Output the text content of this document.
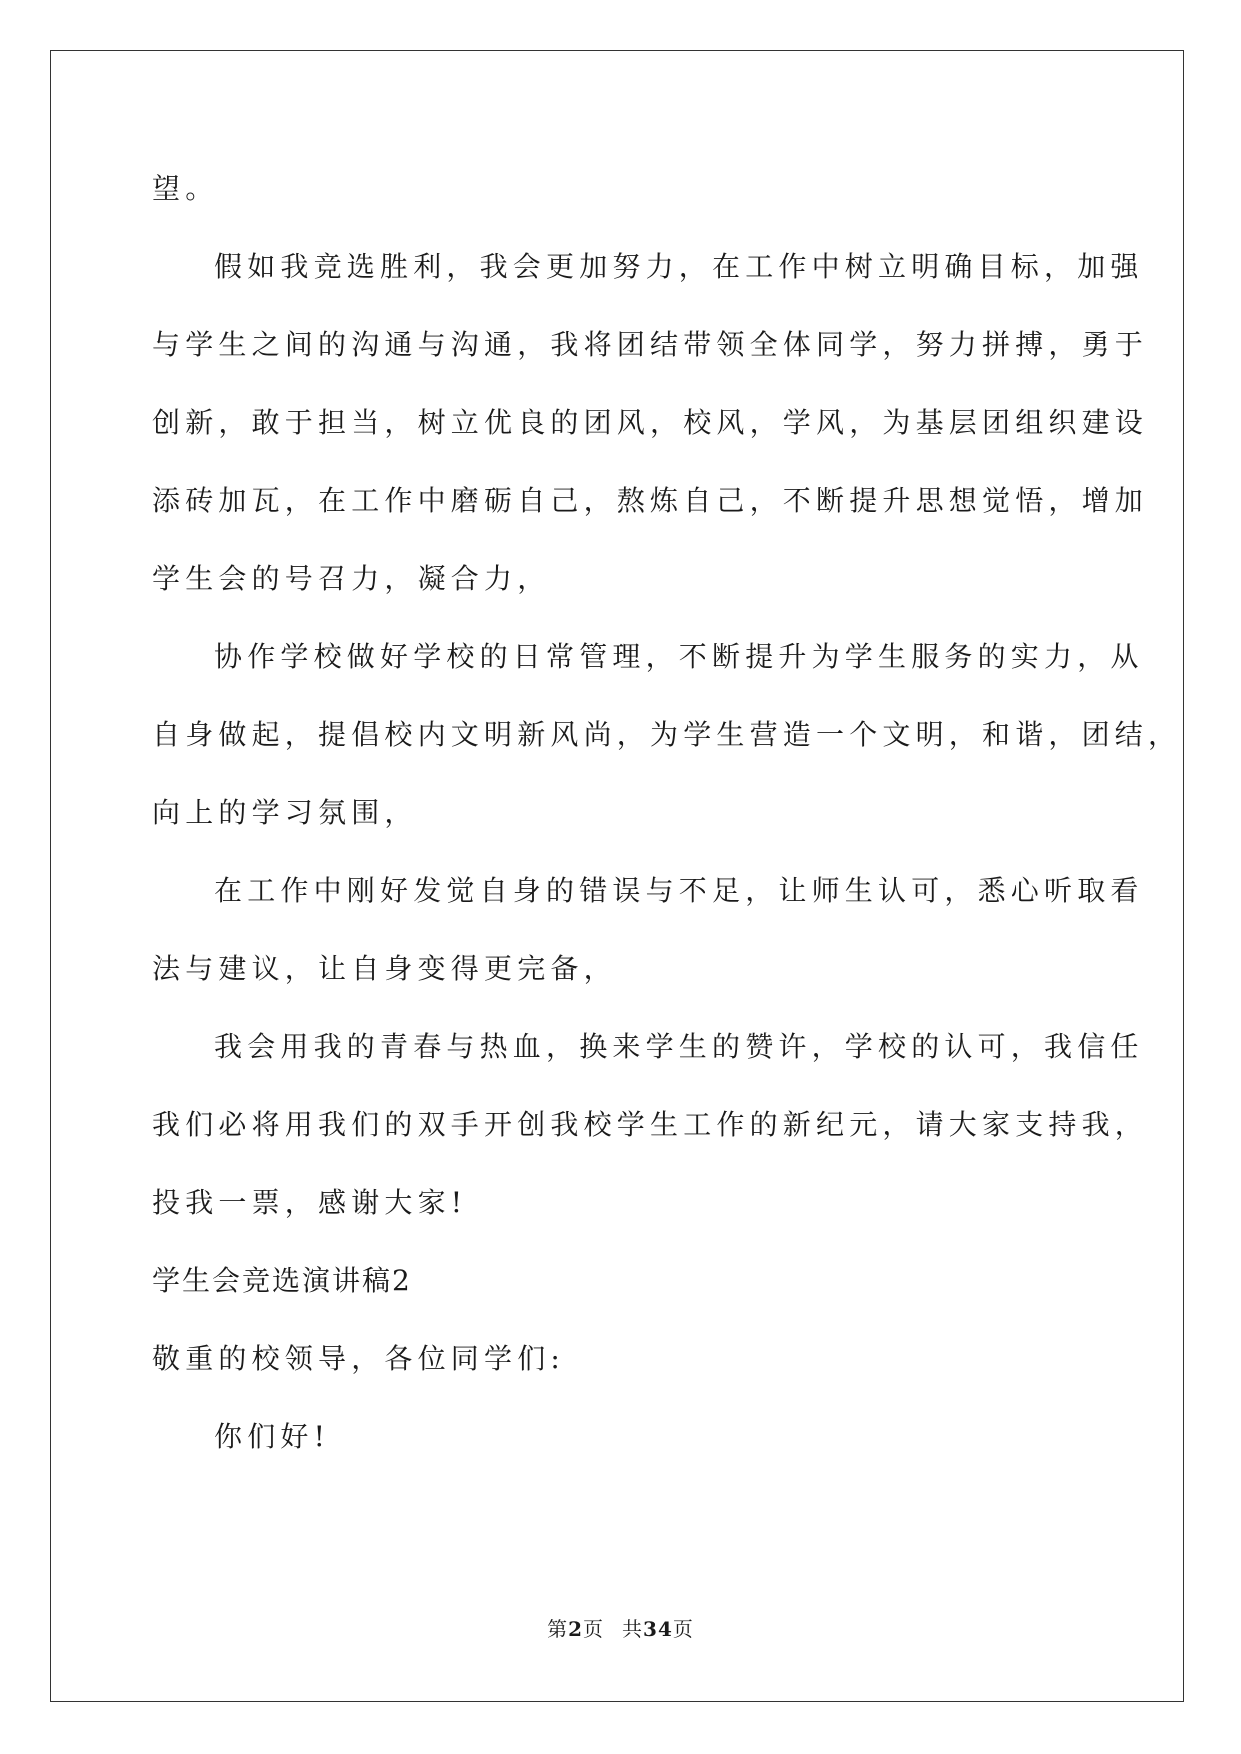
望。
假如我竞选胜利，我会更加努力，在工作中树立明确目标，加强
与学生之间的沟通与沟通，我将团结带领全体同学，努力拼搏，勇于
创新，敢于担当，树立优良的团风，校风，学风，为基层团组织建设
添砖加瓦，在工作中磨砺自己，熬炼自己，不断提升思想觉悟，增加
学生会的号召力，凝合力，
协作学校做好学校的日常管理，不断提升为学生服务的实力，从
自身做起，提倡校内文明新风尚，为学生营造一个文明，和谐，团结，
向上的学习氛围，
在工作中刚好发觉自身的错误与不足，让师生认可，悉心听取看
法与建议，让自身变得更完备，
我会用我的青春与热血，换来学生的赞许，学校的认可，我信任
我们必将用我们的双手开创我校学生工作的新纪元，请大家支持我，
投我一票，感谢大家!
学生会竞选演讲稿2
敬重的校领导，各位同学们:
你们好!
第2页 共34页
